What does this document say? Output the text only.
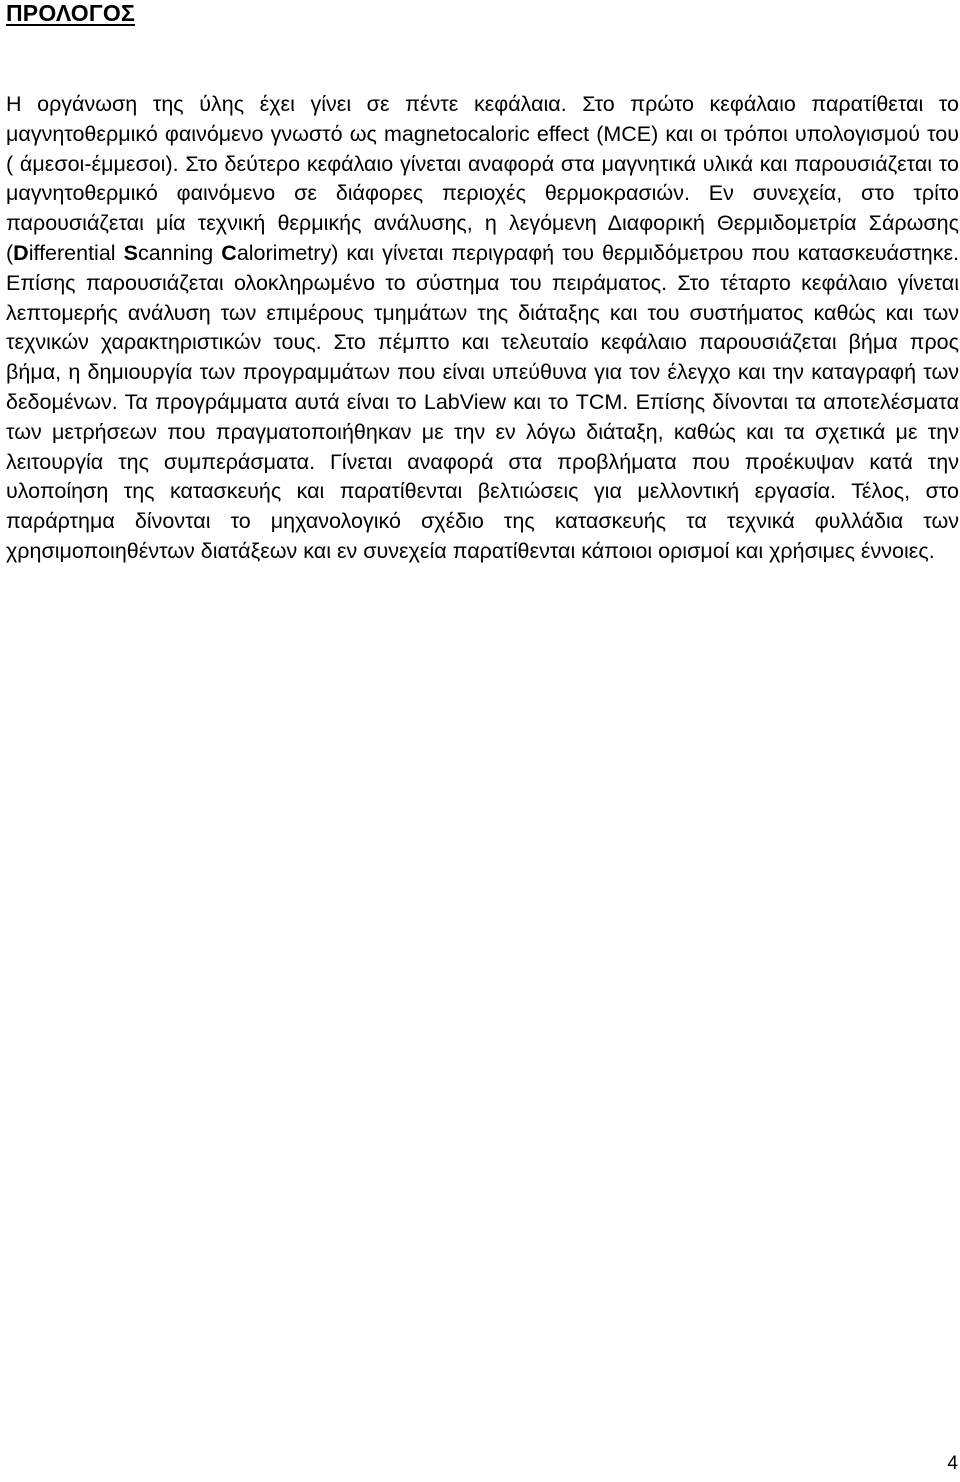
ΠΡΟΛΟΓΟΣ

Η οργάνωση της ύλης έχει γίνει σε πέντε κεφάλαια. Στο πρώτο κεφάλαιο παρατίθεται το μαγνητοθερμικό φαινόμενο γνωστό ως magnetocaloric effect (MCE) και οι τρόποι υπολογισμού του ( άμεσοι-έμμεσοι). Στο δεύτερο κεφάλαιο γίνεται αναφορά στα μαγνητικά υλικά και παρουσιάζεται το μαγνητοθερμικό φαινόμενο σε διάφορες περιοχές θερμοκρασιών. Εν συνεχεία, στο τρίτο παρουσιάζεται μία τεχνική θερμικής ανάλυσης, η λεγόμενη Διαφορική Θερμιδομετρία Σάρωσης (Differential Scanning Calorimetry) και γίνεται περιγραφή του θερμιδόμετρου που κατασκευάστηκε. Επίσης παρουσιάζεται ολοκληρωμένο το σύστημα του πειράματος. Στο τέταρτο κεφάλαιο γίνεται λεπτομερής ανάλυση των επιμέρους τμημάτων της διάταξης και του συστήματος καθώς και των τεχνικών χαρακτηριστικών τους. Στο πέμπτο και τελευταίο κεφάλαιο παρουσιάζεται βήμα προς βήμα, η δημιουργία των προγραμμάτων που είναι υπεύθυνα για τον έλεγχο και την καταγραφή των δεδομένων. Τα προγράμματα αυτά είναι το LabView και το TCM. Επίσης δίνονται τα αποτελέσματα των μετρήσεων που πραγματοποιήθηκαν με την εν λόγω διάταξη, καθώς και τα σχετικά με την λειτουργία της συμπεράσματα. Γίνεται αναφορά στα προβλήματα που προέκυψαν κατά την υλοποίηση της κατασκευής και παρατίθενται βελτιώσεις για μελλοντική εργασία. Τέλος, στο παράρτημα δίνονται το μηχανολογικό σχέδιο της κατασκευής τα τεχνικά φυλλάδια των χρησιμοποιηθέντων διατάξεων και εν συνεχεία παρατίθενται κάποιοι ορισμοί και χρήσιμες έννοιες.

4
